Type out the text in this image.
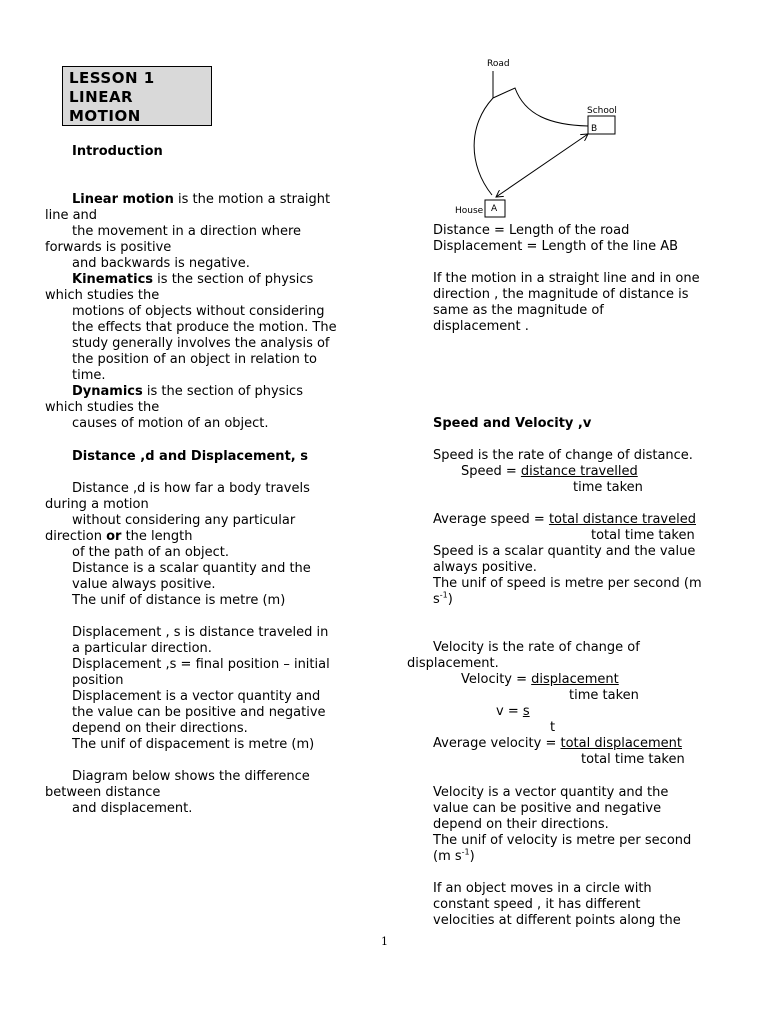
LESSON 1
LINEAR
MOTION
Introduction
Linear motion is the motion a straight
line and
the movement in a direction where
forwards is positive
and backwards is negative.
Kinematics is the section of physics
which studies the
motions of objects without considering
the effects that produce the motion. The
study generally involves the analysis of
the position of an object in relation to
time.
Dynamics is the section of physics
which studies the
causes of motion of an object.
Distance ,d and Displacement, s
Distance ,d is how far a body travels
during a motion
without considering any particular
direction or the length
of the path of an object.
Distance is a scalar quantity and the
value always positive.
The unif of distance is metre (m)
Displacement , s is distance traveled in
a particular direction.
Displacement ,s = final position – initial
position
Displacement is a vector quantity and
the value can be positive and negative
depend on their directions.
The unif of dispacement is metre (m)
Diagram below shows the difference
between distance
and displacement.
Road
School
B
House A
Distance = Length of the road
Displacement = Length of the line AB
If the motion in a straight line and in one
direction , the magnitude of distance is
same as the magnitude of
displacement .
Speed and Velocity ,v
Speed is the rate of change of distance.
Speed = distance travelled
time taken
Average speed = total distance traveled
total time taken
Speed is a scalar quantity and the value
always positive.
The unif of speed is metre per second (m
$s^{-1}$)
Velocity is the rate of change of
displacement.
Velocity = displacement
time taken
v = s
t
Average velocity = total displacement
total time taken
Velocity is a vector quantity and the
value can be positive and negative
depend on their directions.
The unif of velocity is metre per second
(m $s^{-1}$)
If an object moves in a circle with
constant speed , it has different
velocities at different points along the
1
